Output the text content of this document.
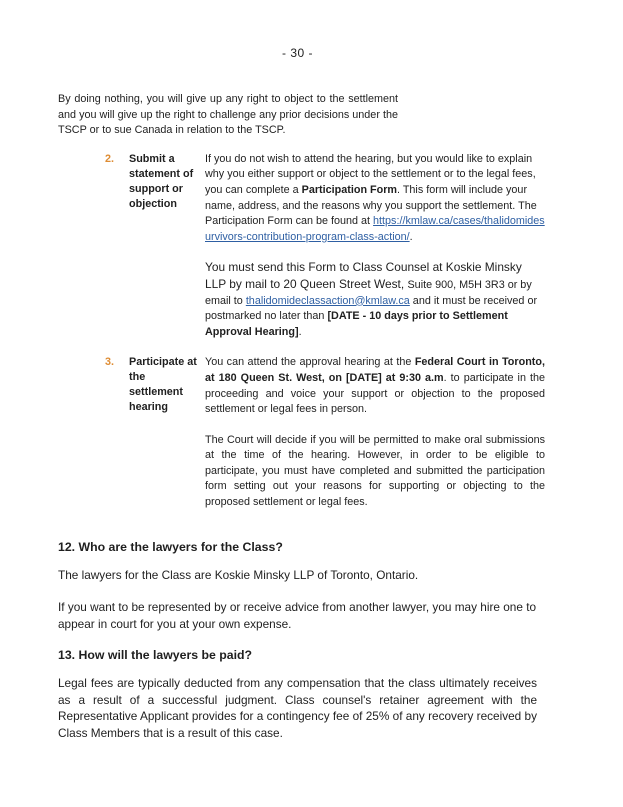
- 30 -

By doing nothing, you will give up any right to object to the settlement and you will give up the right to challenge any prior decisions under the TSCP or to sue Canada in relation to the TSCP.

2.	Submit a statement of support or objection

If you do not wish to attend the hearing, but you would like to explain why you either support or object to the settlement or to the legal fees, you can complete a Participation Form. This form will include your name, address, and the reasons why you support the settlement. The Participation Form can be found at https://kmlaw.ca/cases/thalidomidesurvivors-contribution-program-class-action/.

You must send this Form to Class Counsel at Koskie Minsky LLP by mail to 20 Queen Street West, Suite 900, M5H 3R3 or by email to thalidomideclassaction@kmlaw.ca and it must be received or postmarked no later than [DATE - 10 days prior to Settlement Approval Hearing].

3.	Participate at the settlement hearing

You can attend the approval hearing at the Federal Court in Toronto, at 180 Queen St. West, on [DATE] at 9:30 a.m. to participate in the proceeding and voice your support or objection to the proposed settlement or legal fees in person.

The Court will decide if you will be permitted to make oral submissions at the time of the hearing. However, in order to be eligible to participate, you must have completed and submitted the participation form setting out your reasons for supporting or objecting to the proposed settlement or legal fees.

12. Who are the lawyers for the Class?

The lawyers for the Class are Koskie Minsky LLP of Toronto, Ontario.

If you want to be represented by or receive advice from another lawyer, you may hire one to appear in court for you at your own expense.

13. How will the lawyers be paid?

Legal fees are typically deducted from any compensation that the class ultimately receives as a result of a successful judgment. Class counsel's retainer agreement with the Representative Applicant provides for a contingency fee of 25% of any recovery received by Class Members that is a result of this case.
